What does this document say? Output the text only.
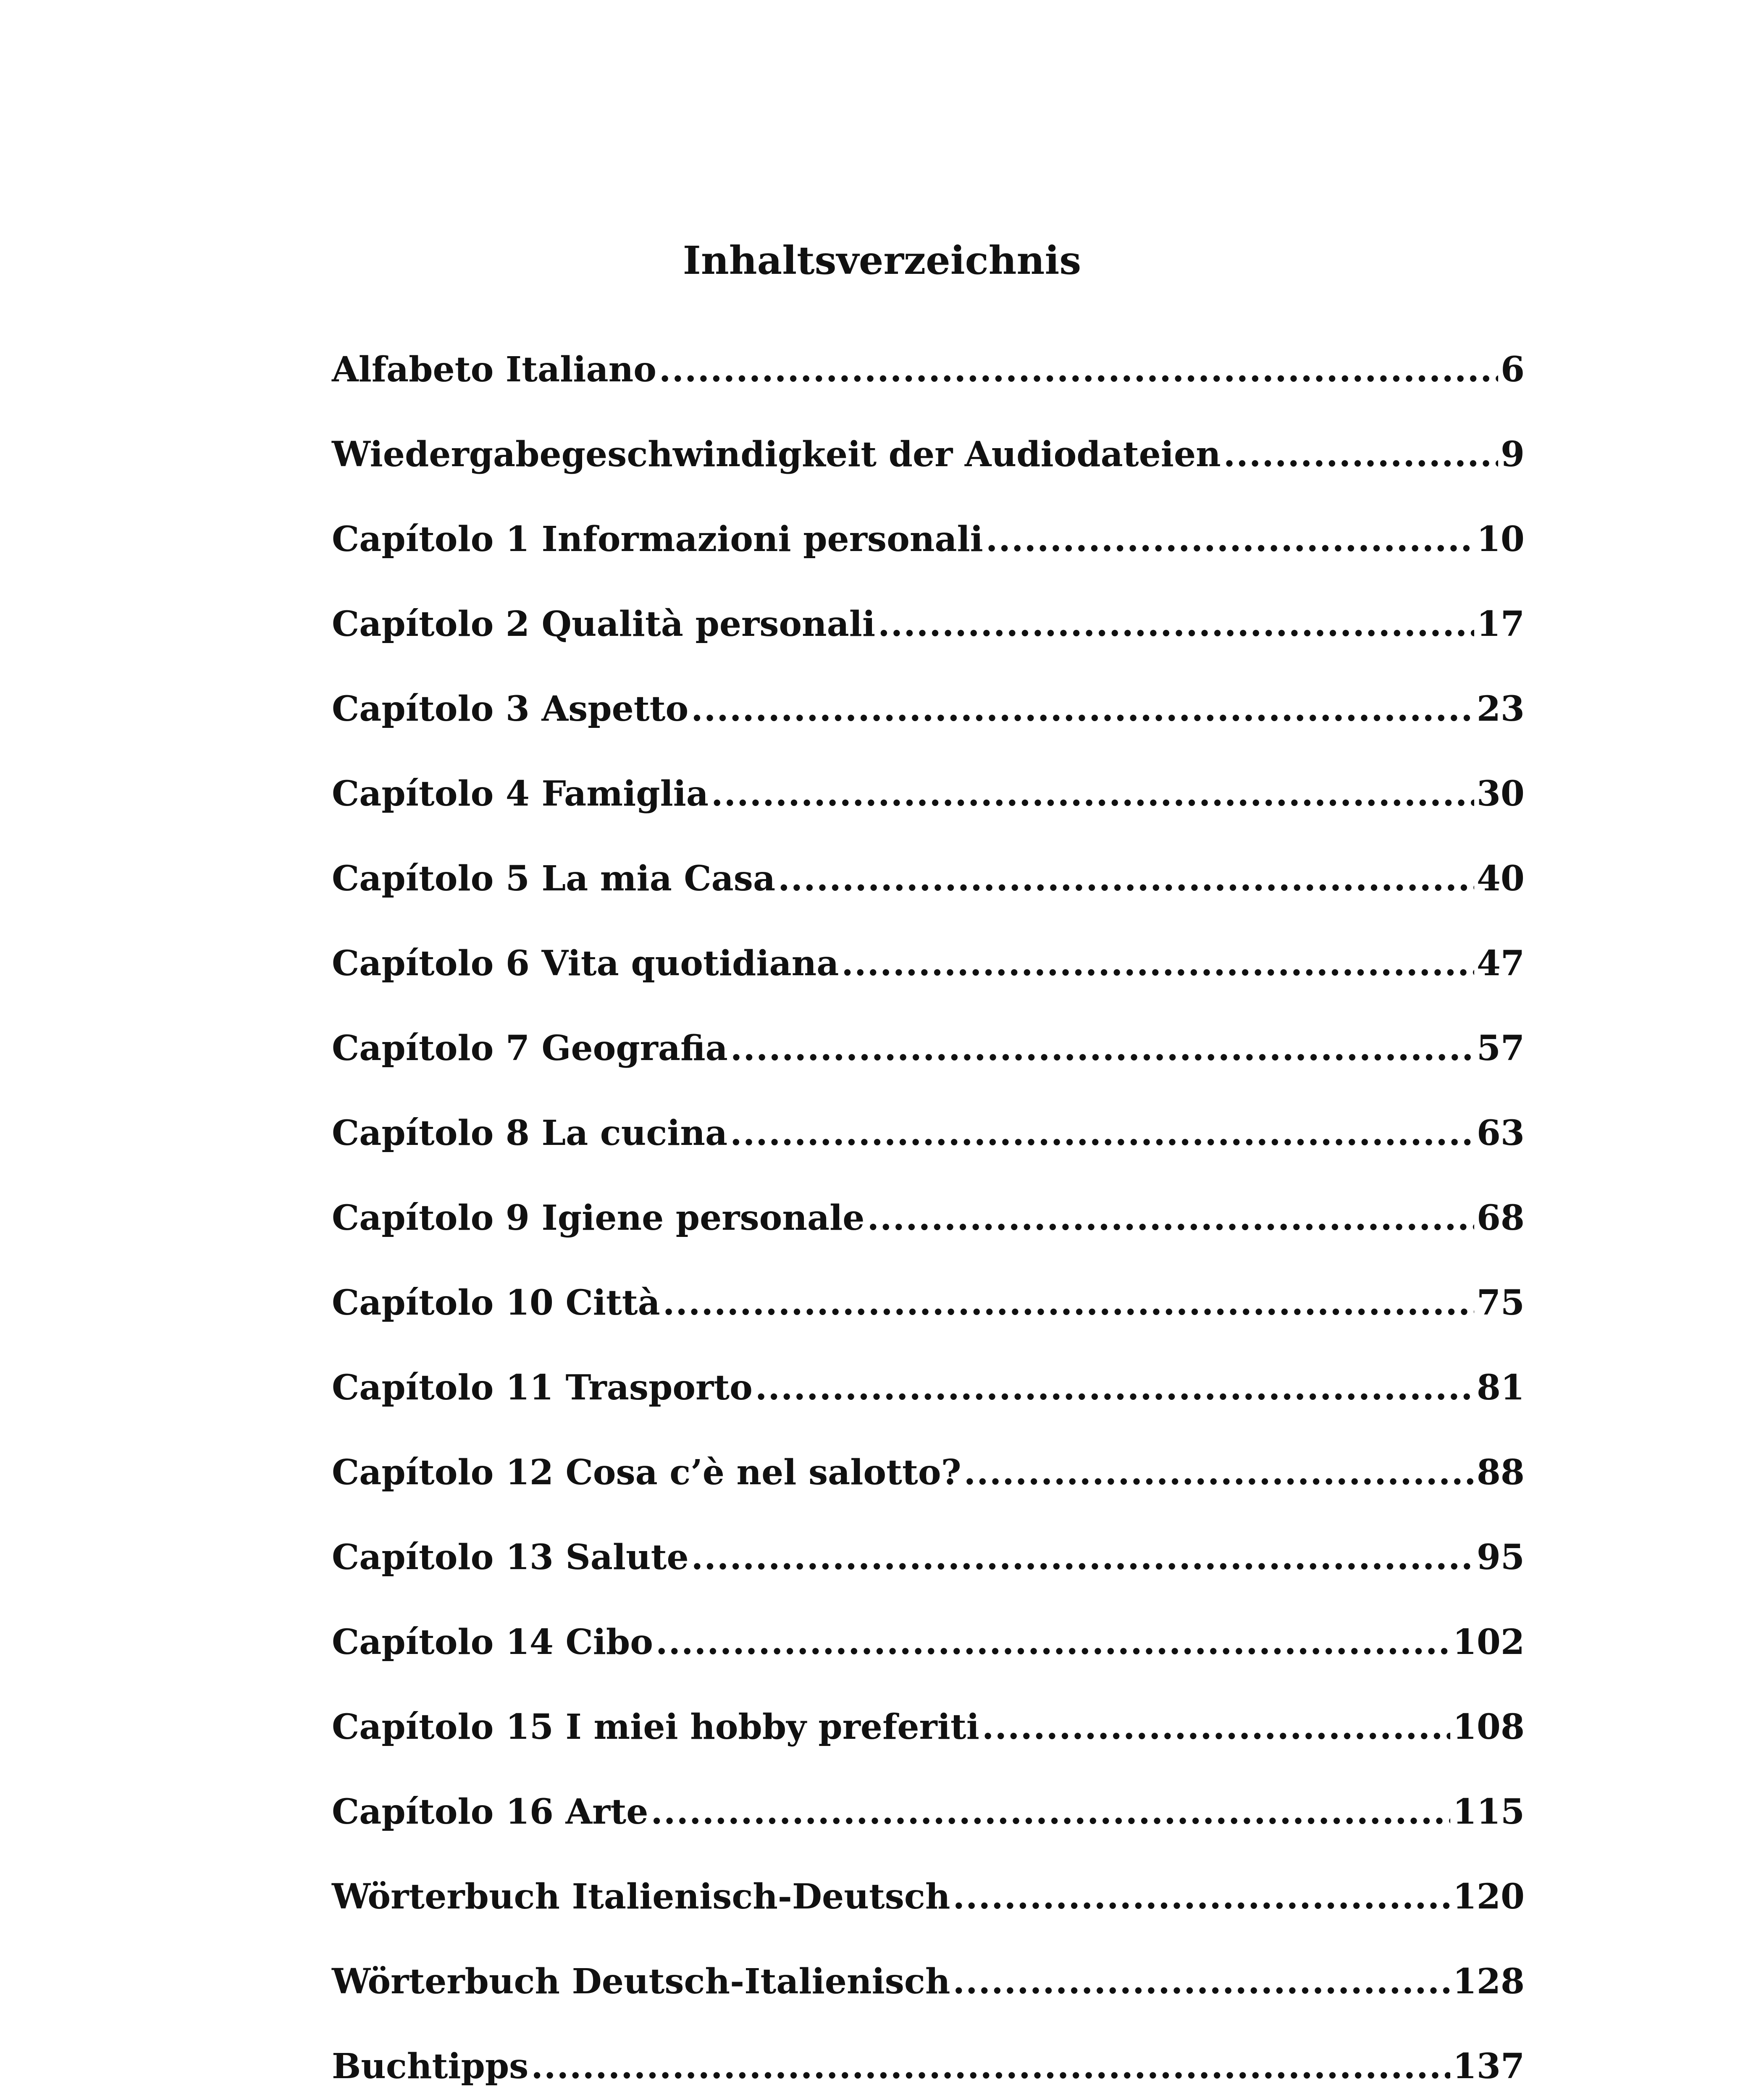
Inhaltsverzeichnis
Alfabeto Italiano .....	6
Wiedergabegeschwindigkeit der Audiodateien .....	9
Capítolo 1 Informazioni personali .....	10
Capítolo 2 Qualità personali .....	17
Capítolo 3 Aspetto .....	23
Capítolo 4 Famiglia .....	30
Capítolo 5 La mia Casa .....	40
Capítolo 6 Vita quotidiana .....	47
Capítolo 7 Geografia .....	57
Capítolo 8 La cucina .....	63
Capítolo 9 Igiene personale .....	68
Capítolo 10 Città .....	75
Capítolo 11 Trasporto .....	81
Capítolo 12 Cosa c’è nel salotto? .....	88
Capítolo 13 Salute .....	95
Capítolo 14 Cibo .....	102
Capítolo 15 I miei hobby preferiti .....	108
Capítolo 16 Arte .....	115
Wörterbuch Italienisch-Deutsch .....	120
Wörterbuch Deutsch-Italienisch .....	128
Buchtipps .....	137
